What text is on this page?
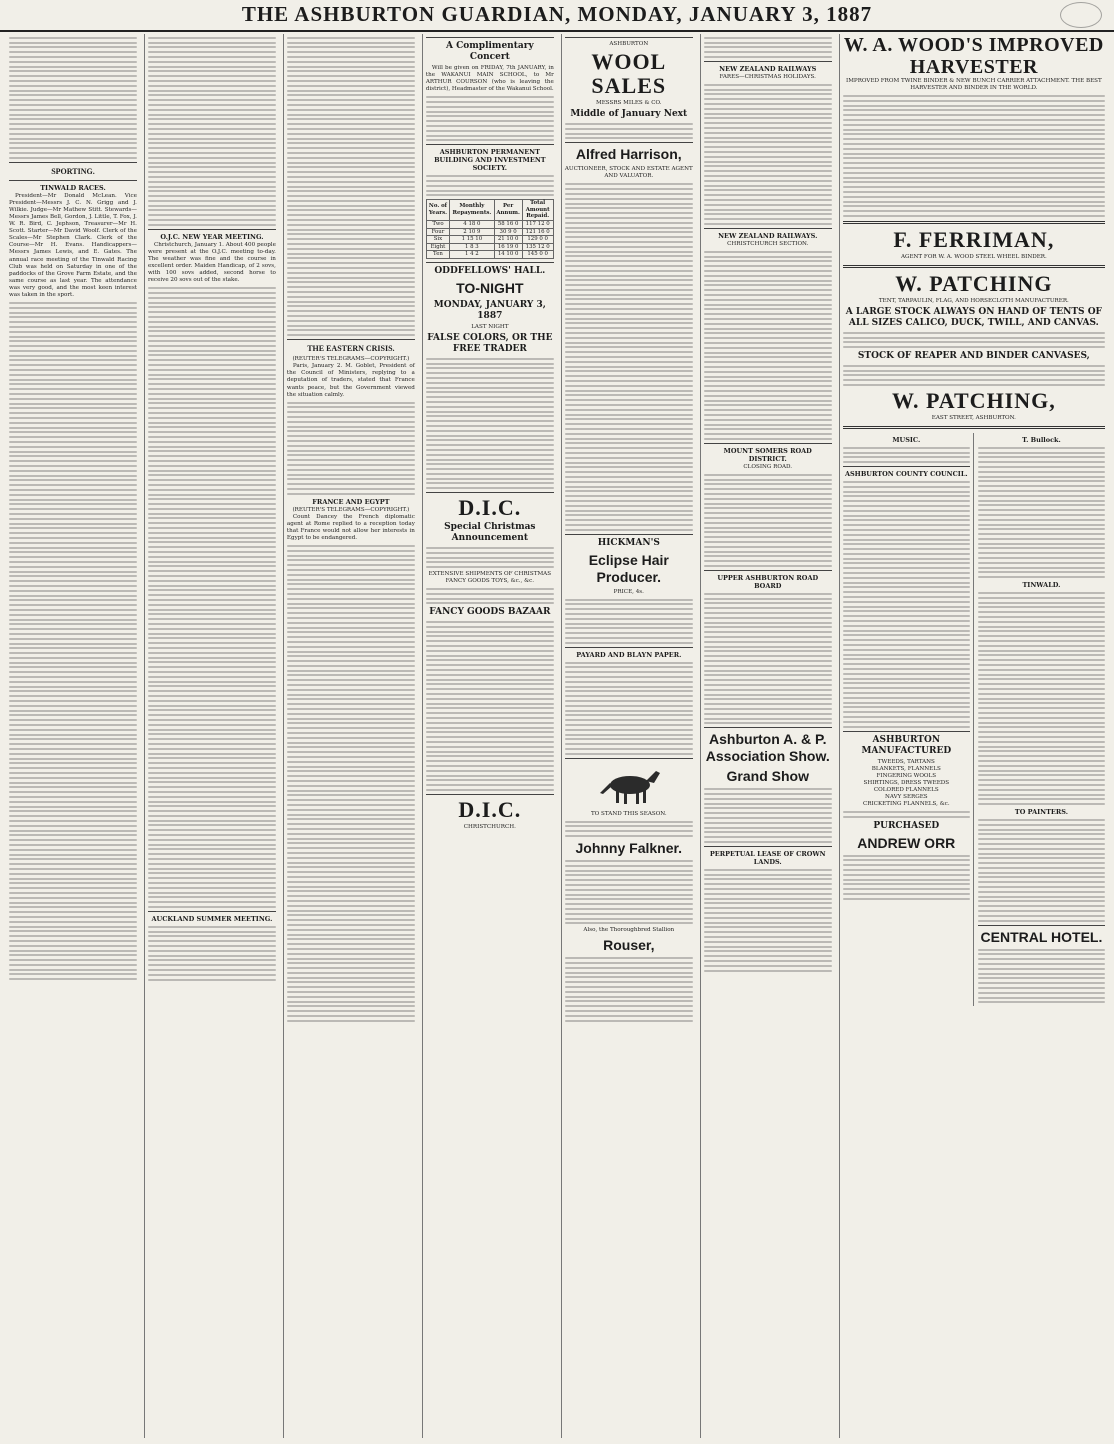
THE ASHBURTON GUARDIAN, MONDAY, JANUARY 3, 1887
SPORTING.
TINWALD RACES.

President—Mr Donald McLean. Vice President—Messrs J. C. N. Grigg and J. Wilkie. Judge—Mr Mathew Stitt. Stewards—Messrs James Bell, Gordon, J. Little, T. Fox, J. W. R. Bird, C. Jephson, Treasurer—Mr H. Scott. Starter—Mr David Woolf. Clerk of the Scales—Mr Stephen Clark. Clerk of the Course—Mr H. Evans. Handicappers—Messrs James Lewis, and E. Gates. The annual race meeting of the Tinwald Racing Club was held on Saturday in one of the paddocks of the Grove Farm Estate, and the same course as last year. The attendance was very good, and the most keen interest was taken in the sport.

O.J.C. NEW YEAR MEETING.

Christchurch, January 1. About 400 people were present at the O.J.C. meeting to-day. The weather was fine and the course in excellent order. Maiden Handicap, of 2 sovs, with 100 sovs added, second horse to receive 20 sovs out of the stake.

AUCKLAND SUMMER MEETING.
THE EASTERN CRISIS.
(REUTER'S TELEGRAMS—COPYRIGHT.)

Paris, January 2. M. Goblet, President of the Council of Ministers, replying to a deputation of traders, stated that France wants peace, but the Government viewed the situation calmly.

FRANCE AND EGYPT
(REUTER'S TELEGRAMS—COPYRIGHT.)

Count Dancey the French diplomatic agent at Rome replied to a reception today that France would not allow her interests in Egypt to be endangered.

A Complimentary Concert

Will be given on FRIDAY, 7th JANUARY, in the WAKANUI MAIN SCHOOL, to Mr ARTHUR COURSON (who is leaving the district), Headmaster of the Wakanui School.

ASHBURTON PERMANENT BUILDING AND INVESTMENT SOCIETY.
No. of Years.	Monthly Repayments.	Per Annum.	Total Amount Repaid.
Two	4 18 0	58 16 0	117 12 0
Four	2 10 9	30 9 0	121 16 0
Six	1 15 10	21 10 0	129 0 0
Eight	1 8 3	16 19 0	135 12 0
Ten	1 4 2	14 10 0	145 0 0
ODDFELLOWS' HALL.
TO-NIGHT
MONDAY, JANUARY 3, 1887
LAST NIGHT
FALSE COLORS, OR THE FREE TRADER
D.I.C.
Special Christmas Announcement
EXTENSIVE SHIPMENTS OF CHRISTMAS FANCY GOODS TOYS, &c., &c.
FANCY GOODS BAZAAR
D.I.C.
CHRISTCHURCH.
ASHBURTON
WOOL SALES
MESSRS MILES & CO.
Middle of January Next
Alfred Harrison,
AUCTIONEER, STOCK AND ESTATE AGENT AND VALUATOR.
HICKMAN'S
Eclipse Hair Producer.
PRICE, 4s.
PAYARD AND BLAYN PAPER.
TO STAND THIS SEASON.
Johnny Falkner.
Also, the Thoroughbred Stallion
Rouser,
NEW ZEALAND RAILWAYS
FARES—CHRISTMAS HOLIDAYS.
NEW ZEALAND RAILWAYS.
CHRISTCHURCH SECTION.
MOUNT SOMERS ROAD DISTRICT.
CLOSING ROAD.
UPPER ASHBURTON ROAD BOARD
Ashburton A. & P. Association Show.
Grand Show
PERPETUAL LEASE OF CROWN LANDS.
W. A. WOOD'S IMPROVED HARVESTER
IMPROVED FROM TWINE BINDER & NEW BUNCH CARRIER ATTACHMENT. THE BEST HARVESTER AND BINDER IN THE WORLD.
F. FERRIMAN,
AGENT FOR W. A. WOOD STEEL WHEEL BINDER.
W. PATCHING
TENT, TARPAULIN, FLAG, AND HORSECLOTH MANUFACTURER.
A LARGE STOCK ALWAYS ON HAND OF TENTS OF ALL SIZES CALICO, DUCK, TWILL, AND CANVAS.
STOCK OF REAPER AND BINDER CANVASES,
W. PATCHING,
EAST STREET, ASHBURTON.
MUSIC.
ASHBURTON COUNTY COUNCIL.
ASHBURTON MANUFACTURED
TWEEDS, TARTANS
BLANKETS, FLANNELS
FINGERING WOOLS
SHIRTINGS, DRESS TWEEDS
COLORED FLANNELS
NAVY SERGES
CRICKETING FLANNELS, &c.
PURCHASED
ANDREW ORR
T. Bullock.
TINWALD.
TO PAINTERS.
CENTRAL HOTEL.
